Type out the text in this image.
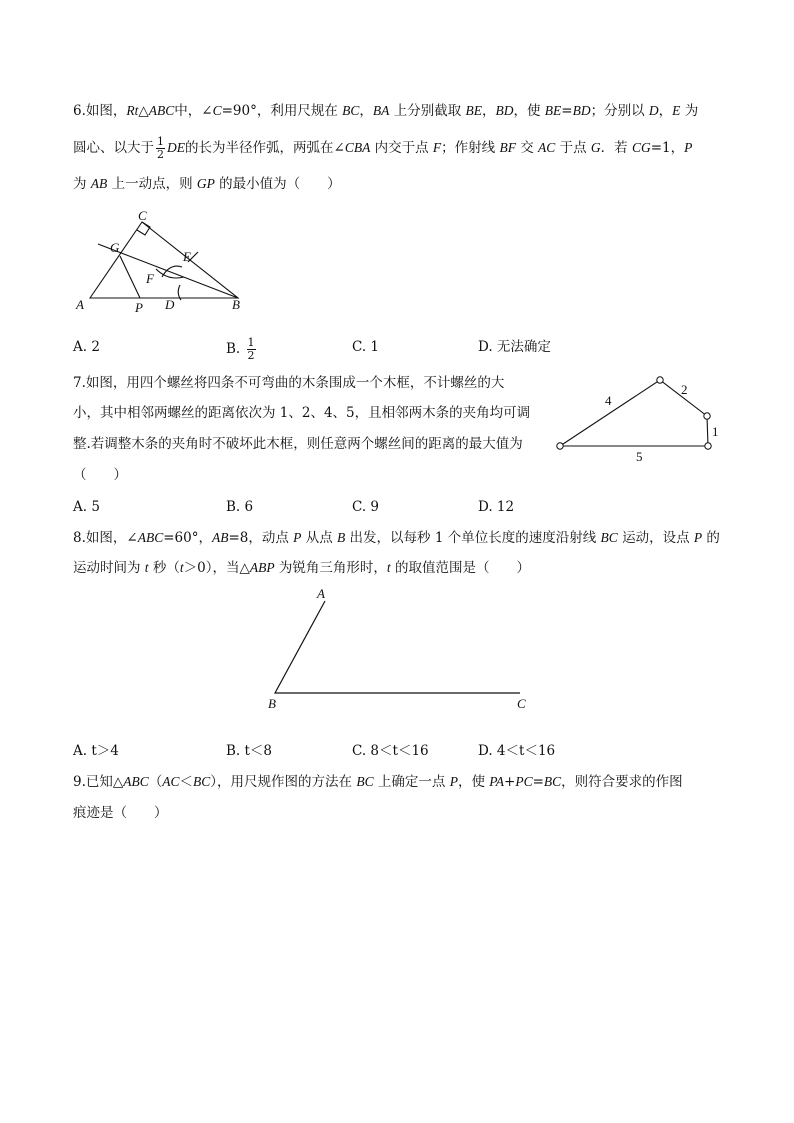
6.如图，Rt△ABC中，∠C=90°，利用尺规在 BC，BA 上分别截取 BE，BD，使 BE=BD；分别以 D，E 为
圆心、以大于 $\frac{1}{2}$ DE的长为半径作弧，两弧在∠CBA 内交于点 F；作射线 BF 交 AC 于点 G．若 CG=1，P
为 AB 上一动点，则 GP 的最小值为（　　）
C
G
E
F
A	P D	B
A. 2	B. $\frac{1}{2}$	C. 1	D. 无法确定
7.如图，用四个螺丝将四条不可弯曲的木条围成一个木框，不计螺丝的大
小，其中相邻两螺丝的距离依次为 1、2、4、5，且相邻两木条的夹角均可调
整.若调整木条的夹角时不破坏此木框，则任意两个螺丝间的距离的最大值为
（　　）
4
2
1
5
A. 5	B. 6	C. 9	D. 12
8.如图，∠ABC=60°，AB=8，动点 P 从点 B 出发，以每秒 1 个单位长度的速度沿射线 BC 运动，设点 P 的
运动时间为 t 秒（t＞0），当△ABP 为锐角三角形时，t 的取值范围是（　　）
A
B	C
A. t＞4	B. t＜8	C. 8＜t＜16	D. 4＜t＜16
9.已知△ABC（AC＜BC），用尺规作图的方法在 BC 上确定一点 P，使 PA+PC=BC，则符合要求的作图
痕迹是（　　）
